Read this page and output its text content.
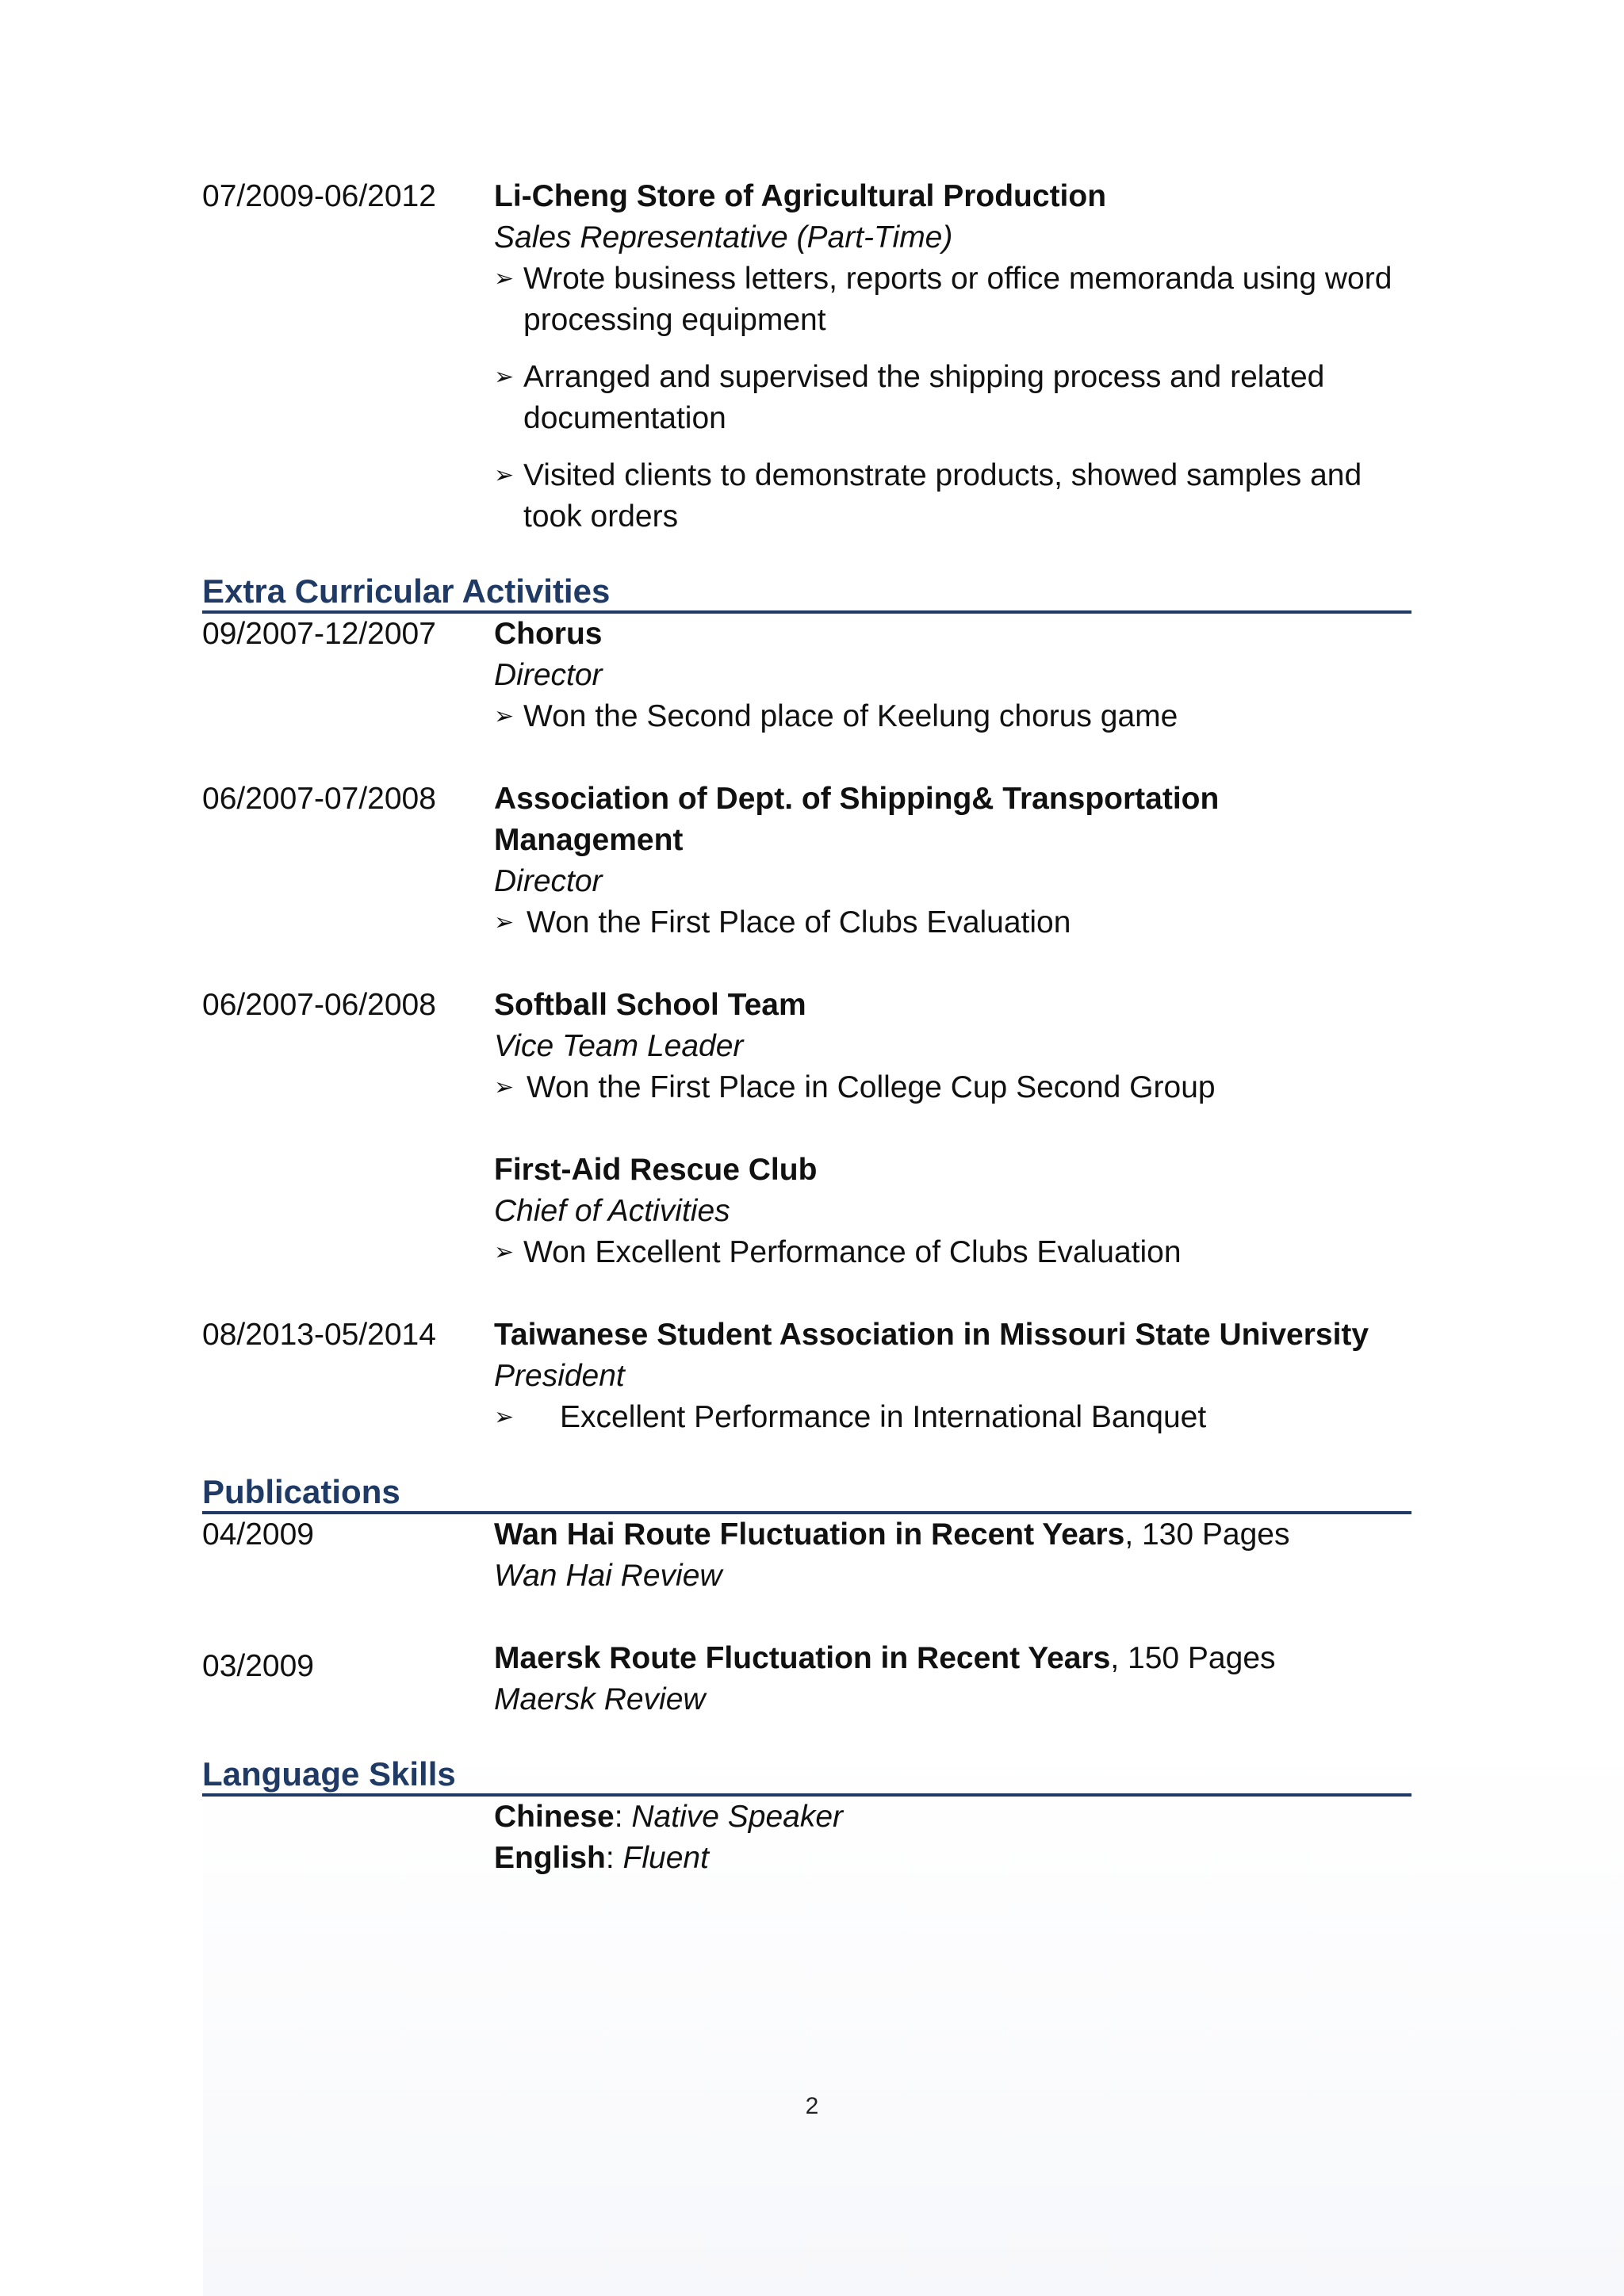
07/2009-06/2012	Li-Cheng Store of Agricultural Production
Sales Representative (Part-Time)
➢ Wrote business letters, reports or office memoranda using word processing equipment
➢ Arranged and supervised the shipping process and related documentation
➢ Visited clients to demonstrate products, showed samples and took orders
Extra Curricular Activities
09/2007-12/2007	Chorus
Director
➢ Won the Second place of Keelung chorus game
06/2007-07/2008	Association of Dept. of Shipping& Transportation Management
Director
➢ Won the First Place of Clubs Evaluation
06/2007-06/2008	Softball School Team
Vice Team Leader
➢ Won the First Place in College Cup Second Group
First-Aid Rescue Club
Chief of Activities
➢ Won Excellent Performance of Clubs Evaluation
08/2013-05/2014	Taiwanese Student Association in Missouri State University
President
➢	Excellent Performance in International Banquet
Publications
04/2009	Wan Hai Route Fluctuation in Recent Years, 130 Pages
Wan Hai Review
03/2009	Maersk Route Fluctuation in Recent Years, 150 Pages
Maersk Review
Language Skills
Chinese: Native Speaker
English: Fluent
2
